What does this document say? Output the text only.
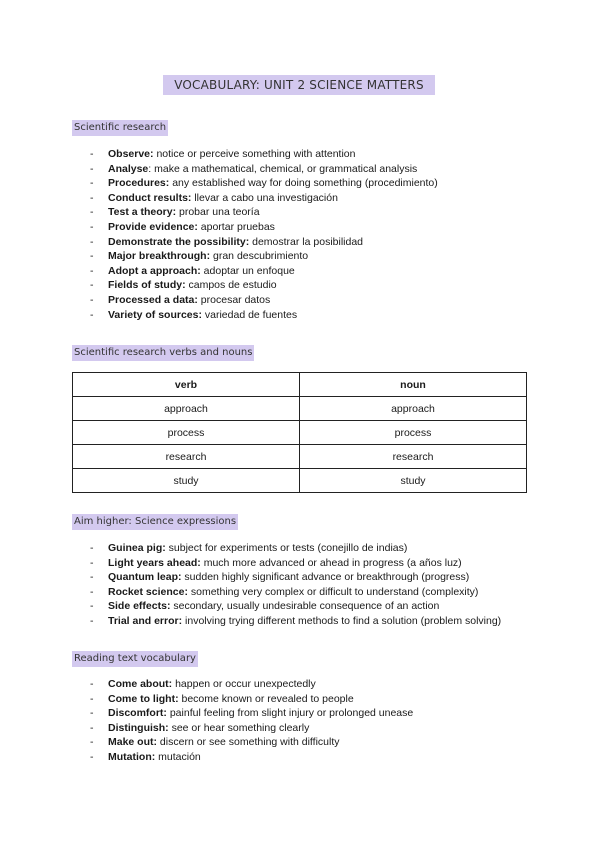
VOCABULARY: UNIT 2 SCIENCE MATTERS
Scientific research
- Observe: notice or perceive something with attention
- Analyse: make a mathematical, chemical, or grammatical analysis
- Procedures: any established way for doing something (procedimiento)
- Conduct results: llevar a cabo una investigación
- Test a theory: probar una teoría
- Provide evidence: aportar pruebas
- Demonstrate the possibility: demostrar la posibilidad
- Major breakthrough: gran descubrimiento
- Adopt a approach: adoptar un enfoque
- Fields of study: campos de estudio
- Processed a data: procesar datos
- Variety of sources: variedad de fuentes
Scientific research verbs and nouns
verb	noun
approach	approach
process	process
research	research
study	study
Aim higher: Science expressions
- Guinea pig: subject for experiments or tests (conejillo de indias)
- Light years ahead: much more advanced or ahead in progress (a años luz)
- Quantum leap: sudden highly significant advance or breakthrough (progress)
- Rocket science: something very complex or difficult to understand (complexity)
- Side effects: secondary, usually undesirable consequence of an action
- Trial and error: involving trying different methods to find a solution (problem solving)
Reading text vocabulary
- Come about: happen or occur unexpectedly
- Come to light: become known or revealed to people
- Discomfort: painful feeling from slight injury or prolonged unease
- Distinguish: see or hear something clearly
- Make out: discern or see something with difficulty
- Mutation: mutación
